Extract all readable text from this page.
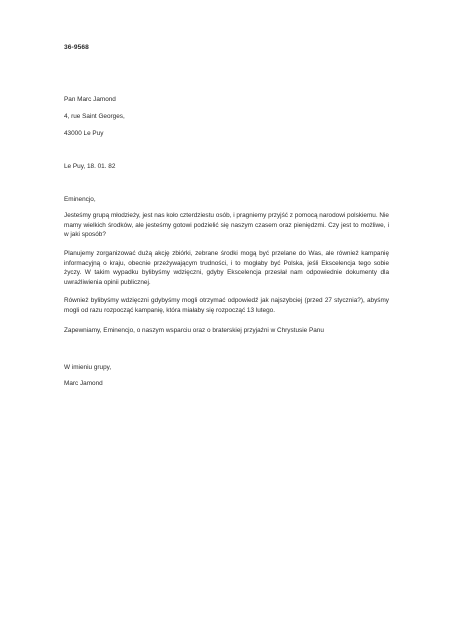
36-9568
Pan Marc Jamond
4, rue Saint Georges,
43000 Le Puy
Le Puy, 18. 01. 82
Eminencjo,
Jesteśmy grupą młodzieży, jest nas koło czterdziestu osób, i pragniemy przyjść z pomocą narodowi polskiemu. Nie mamy wielkich środków, ale jesteśmy gotowi podzielić się naszym czasem oraz pieniędzmi. Czy jest to możliwe, i w jaki sposób?
Planujemy zorganizować dużą akcję zbiórki, zebrane środki mogą być przelane do Was, ale również kampanię informacyjną o kraju, obecnie przeżywającym trudności, i to mogłaby być Polska, jeśli Ekscelencja tego sobie życzy. W takim wypadku bylibyśmy wdzięczni, gdyby Ekscelencja przesłał nam odpowiednie dokumenty dla uwrażliwienia opinii publicznej.
Również bylibyśmy wdzięczni gdybyśmy mogli otrzymać odpowiedź jak najszybciej (przed 27 stycznia?), abyśmy mogli od razu rozpocząć kampanię, która miałaby się rozpocząć 13 lutego.
Zapewniamy, Eminencjo, o naszym wsparciu oraz o braterskiej przyjaźni w Chrystusie Panu
W imieniu grupy,
Marc Jamond
